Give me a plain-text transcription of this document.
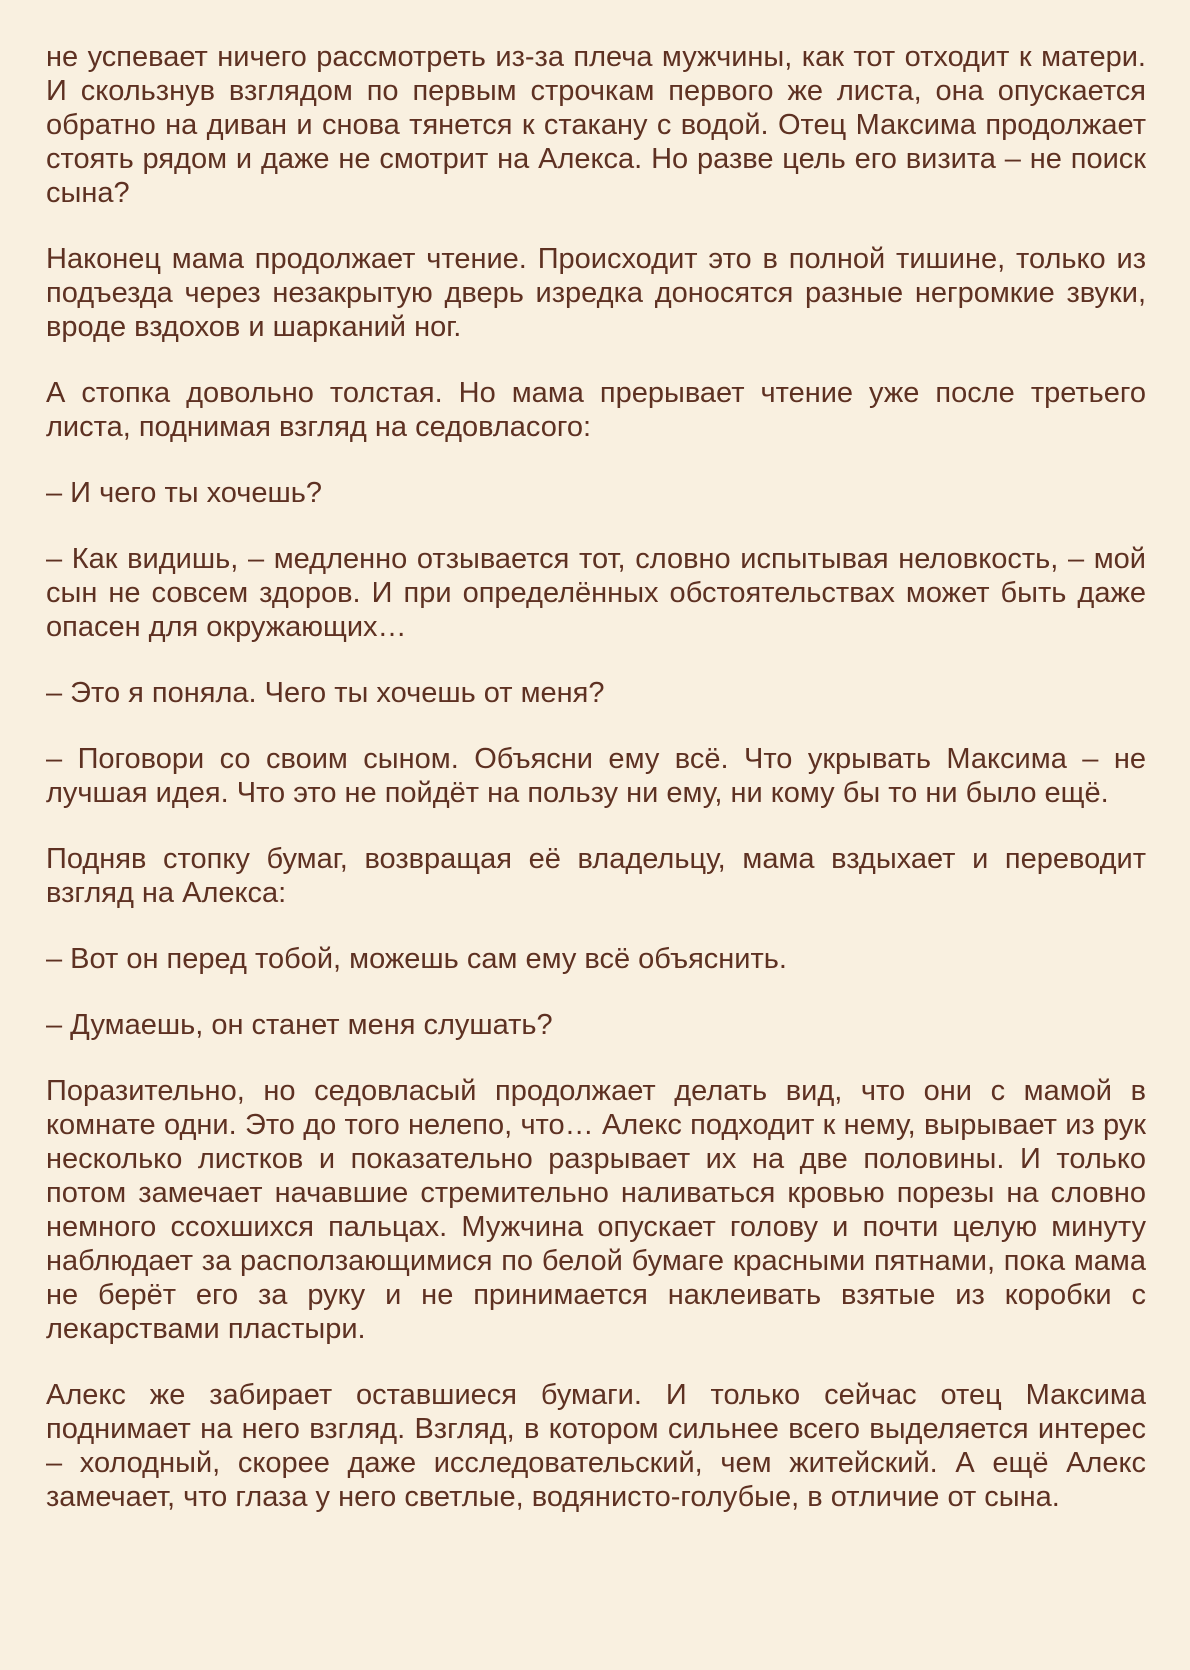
не успевает ничего рассмотреть из-за плеча мужчины, как тот отходит к матери. И скользнув взглядом по первым строчкам первого же листа, она опускается обратно на диван и снова тянется к стакану с водой. Отец Максима продолжает стоять рядом и даже не смотрит на Алекса. Но разве цель его визита – не поиск сына?

Наконец мама продолжает чтение. Происходит это в полной тишине, только из подъезда через незакрытую дверь изредка доносятся разные негромкие звуки, вроде вздохов и шарканий ног.

А стопка довольно толстая. Но мама прерывает чтение уже после третьего листа, поднимая взгляд на седовласого:

– И чего ты хочешь?

– Как видишь, – медленно отзывается тот, словно испытывая неловкость, – мой сын не совсем здоров. И при определённых обстоятельствах может быть даже опасен для окружающих…

– Это я поняла. Чего ты хочешь от меня?

– Поговори со своим сыном. Объясни ему всё. Что укрывать Максима – не лучшая идея. Что это не пойдёт на пользу ни ему, ни кому бы то ни было ещё.

Подняв стопку бумаг, возвращая её владельцу, мама вздыхает и переводит взгляд на Алекса:

– Вот он перед тобой, можешь сам ему всё объяснить.

– Думаешь, он станет меня слушать?

Поразительно, но седовласый продолжает делать вид, что они с мамой в комнате одни. Это до того нелепо, что… Алекс подходит к нему, вырывает из рук несколько листков и показательно разрывает их на две половины. И только потом замечает начавшие стремительно наливаться кровью порезы на словно немного ссохшихся пальцах. Мужчина опускает голову и почти целую минуту наблюдает за расползающимися по белой бумаге красными пятнами, пока мама не берёт его за руку и не принимается наклеивать взятые из коробки с лекарствами пластыри.

Алекс же забирает оставшиеся бумаги. И только сейчас отец Максима поднимает на него взгляд. Взгляд, в котором сильнее всего выделяется интерес – холодный, скорее даже исследовательский, чем житейский. А ещё Алекс замечает, что глаза у него светлые, водянисто-голубые, в отличие от сына.
